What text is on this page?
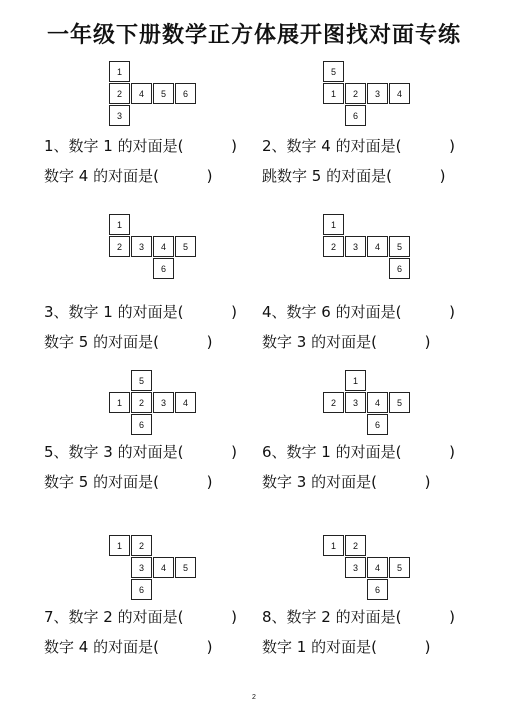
一年级下册数学正方体展开图找对面专练
1
2	4	5	6
3
5
1	2	3	4
6
1、数字 1 的对面是(          )
数字 4 的对面是(          )
2、数字 4 的对面是(          )
跳数字 5 的对面是(          )
1
2	3	4	5
6
1
2	3	4	5
6
3、数字 1 的对面是(          )
数字 5 的对面是(          )
4、数字 6 的对面是(          )
数字 3 的对面是(          )
5
1	2	3	4
6
1
2	3	4	5
6
5、数字 3 的对面是(          )
数字 5 的对面是(          )
6、数字 1 的对面是(          )
数字 3 的对面是(          )
1	2
3	4	5
6
1	2
3	4	5
6
7、数字 2 的对面是(          )
数字 4 的对面是(          )
8、数字 2 的对面是(          )
数字 1 的对面是(          )
2
